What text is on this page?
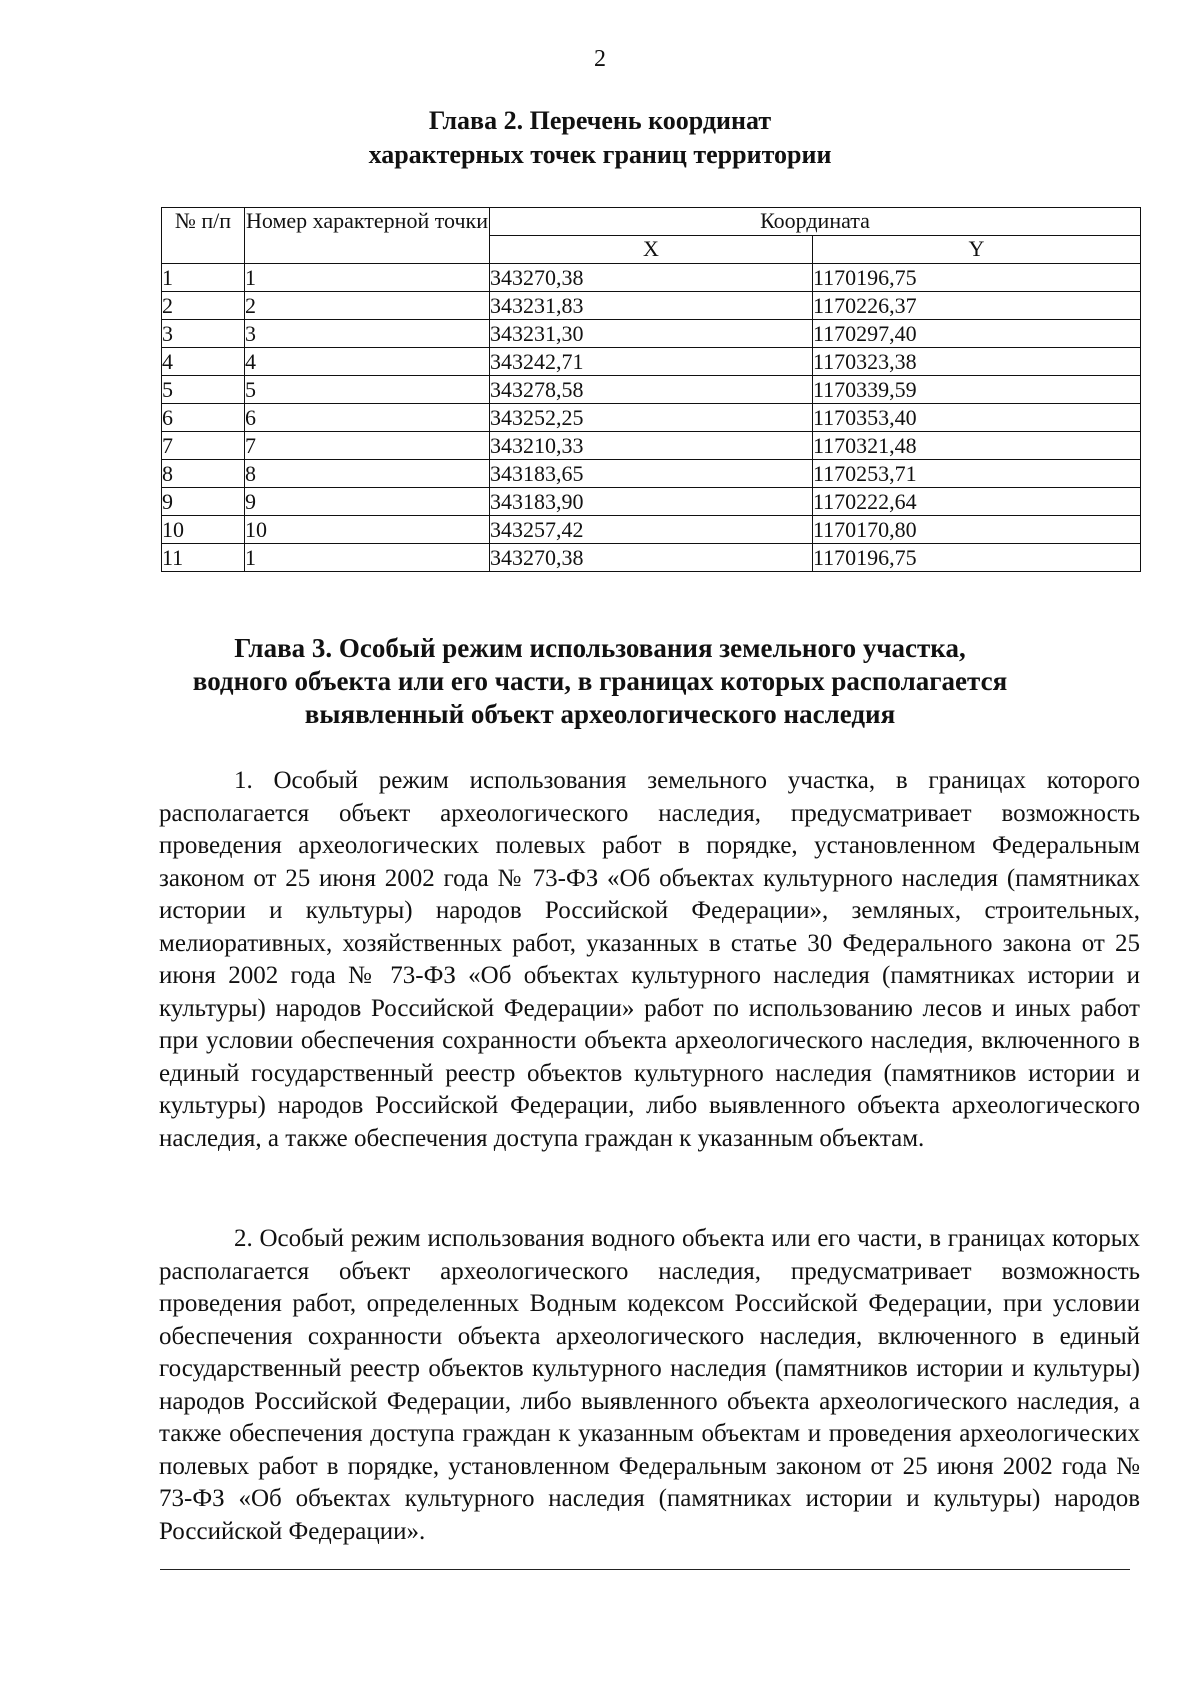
2
Глава 2. Перечень координат
характерных точек границ территории
№ п/п	Номер характерной точки	Координата	
		X	Y
1	1	343270,38	1170196,75
2	2	343231,83	1170226,37
3	3	343231,30	1170297,40
4	4	343242,71	1170323,38
5	5	343278,58	1170339,59
6	6	343252,25	1170353,40
7	7	343210,33	1170321,48
8	8	343183,65	1170253,71
9	9	343183,90	1170222,64
10	10	343257,42	1170170,80
11	1	343270,38	1170196,75
Глава 3. Особый режим использования земельного участка,
водного объекта или его части, в границах которых располагается
выявленный объект археологического наследия

1. Особый режим использования земельного участка, в границах которого располагается объект археологического наследия, предусматривает возможность проведения археологических полевых работ в порядке, установленном Федеральным законом от 25 июня 2002 года № 73-ФЗ «Об объектах культурного наследия (памятниках истории и культуры) народов Российской Федерации», земляных, строительных, мелиоративных, хозяйственных работ, указанных в статье 30 Федерального закона от 25 июня 2002 года № 73-ФЗ «Об объектах культурного наследия (памятниках истории и культуры) народов Российской Федерации» работ по использованию лесов и иных работ при условии обеспечения сохранности объекта археологического наследия, включенного в единый государственный реестр объектов культурного наследия (памятников истории и культуры) народов Российской Федерации, либо выявленного объекта археологического наследия, а также обеспечения доступа граждан к указанным объектам.

2. Особый режим использования водного объекта или его части, в границах которых располагается объект археологического наследия, предусматривает возможность проведения работ, определенных Водным кодексом Российской Федерации, при условии обеспечения сохранности объекта археологического наследия, включенного в единый государственный реестр объектов культурного наследия (памятников истории и культуры) народов Российской Федерации, либо выявленного объекта археологического наследия, а также обеспечения доступа граждан к указанным объектам и проведения археологических полевых работ в порядке, установленном Федеральным законом от 25 июня 2002 года № 73-ФЗ «Об объектах культурного наследия (памятниках истории и культуры) народов Российской Федерации».
